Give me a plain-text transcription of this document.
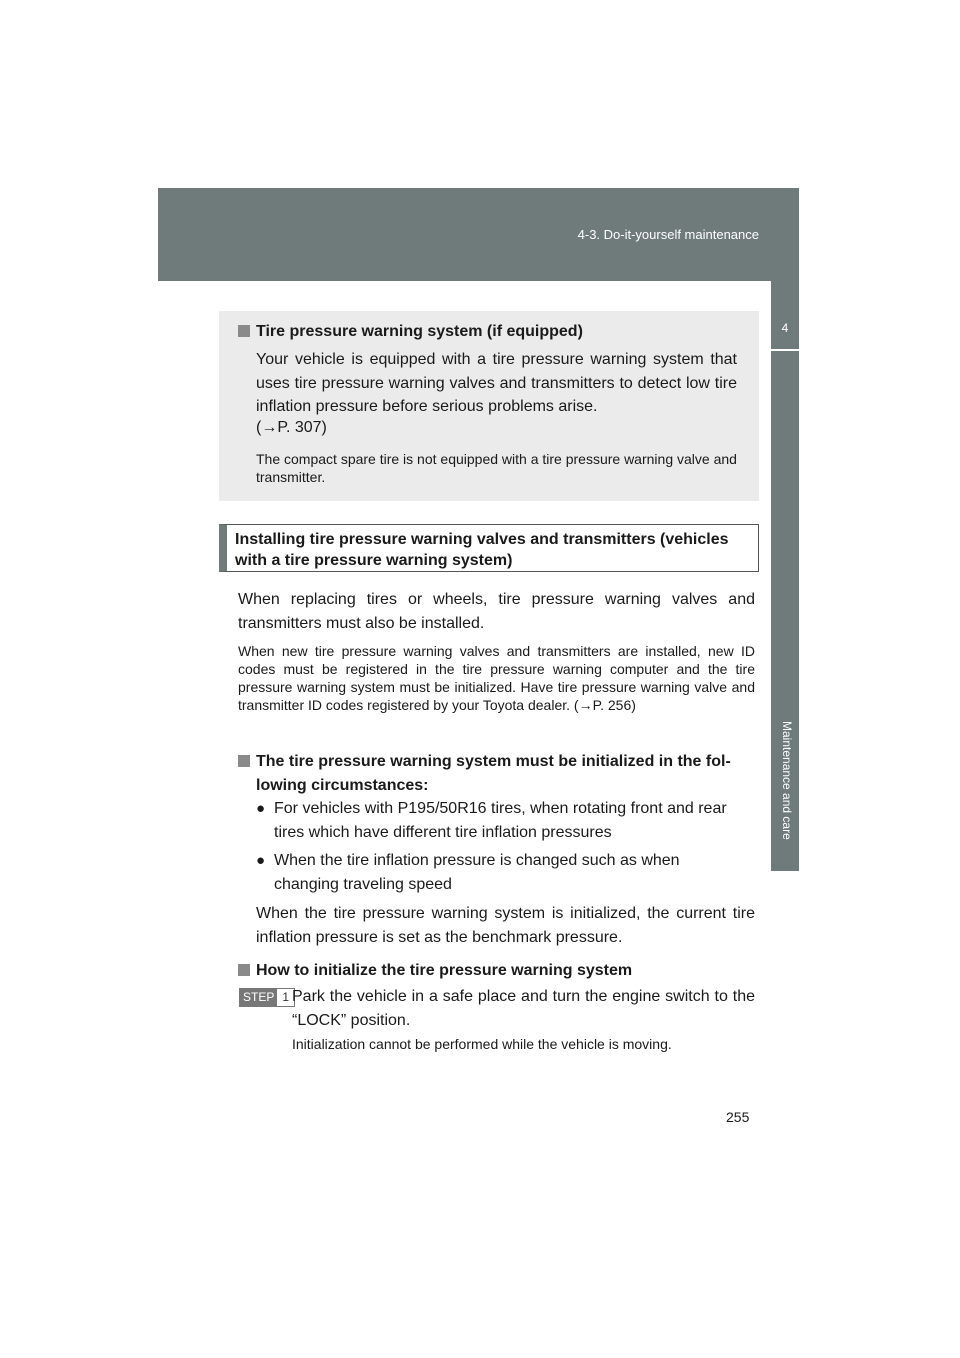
4-3. Do-it-yourself maintenance
4
Maintenance and care

Tire pressure warning system (if equipped)

Your vehicle is equipped with a tire pressure warning system that uses tire pressure warning valves and transmitters to detect low tire inflation pressure before serious problems arise.

(→P. 307)

The compact spare tire is not equipped with a tire pressure warning valve and transmitter.

Installing tire pressure warning valves and transmitters (vehicles with a tire pressure warning system)

When replacing tires or wheels, tire pressure warning valves and transmitters must also be installed.

When new tire pressure warning valves and transmitters are installed, new ID codes must be registered in the tire pressure warning computer and the tire pressure warning system must be initialized. Have tire pressure warning valve and transmitter ID codes registered by your Toyota dealer. (→P. 256)

The tire pressure warning system must be initialized in the fol-
lowing circumstances:

● For vehicles with P195/50R16 tires, when rotating front and rear
tires which have different tire inflation pressures

● When the tire inflation pressure is changed such as when
changing traveling speed

When the tire pressure warning system is initialized, the current tire inflation pressure is set as the benchmark pressure.

How to initialize the tire pressure warning system

STEP 1 Park the vehicle in a safe place and turn the engine switch to the “LOCK” position.

Initialization cannot be performed while the vehicle is moving.

255
